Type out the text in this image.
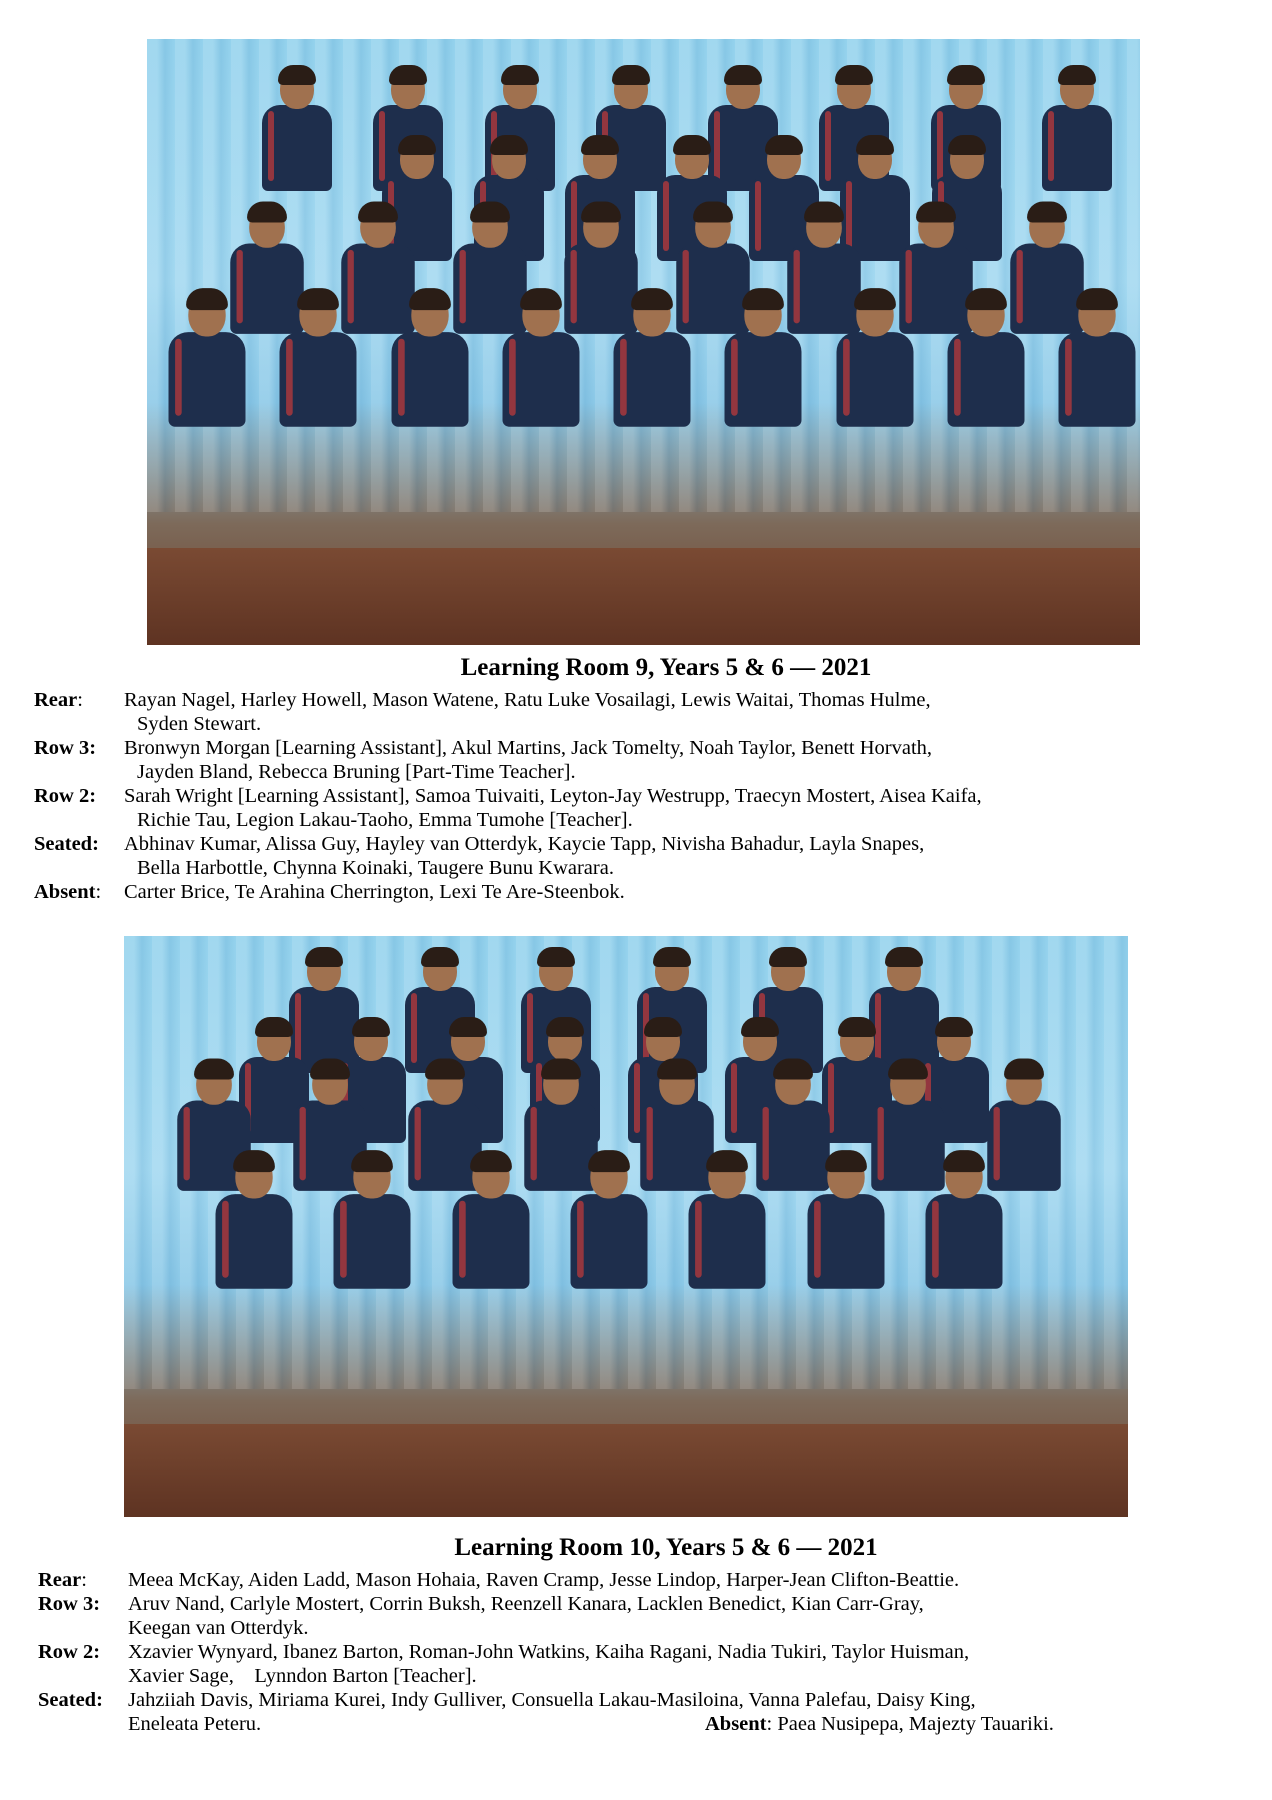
Learning Room 9, Years 5 & 6 — 2021
Rear: Rayan Nagel, Harley Howell, Mason Watene, Ratu Luke Vosailagi, Lewis Waitai, Thomas Hulme,
Syden Stewart.
Row 3: Bronwyn Morgan [Learning Assistant], Akul Martins, Jack Tomelty, Noah Taylor, Benett Horvath,
Jayden Bland, Rebecca Bruning [Part-Time Teacher].
Row 2: Sarah Wright [Learning Assistant], Samoa Tuivaiti, Leyton-Jay Westrupp, Traecyn Mostert, Aisea Kaifa,
Richie Tau, Legion Lakau-Taoho, Emma Tumohe [Teacher].
Seated: Abhinav Kumar, Alissa Guy, Hayley van Otterdyk, Kaycie Tapp, Nivisha Bahadur, Layla Snapes,
Bella Harbottle, Chynna Koinaki, Taugere Bunu Kwarara.
Absent: Carter Brice, Te Arahina Cherrington, Lexi Te Are-Steenbok.
Learning Room 10, Years 5 & 6 — 2021
Rear: Meea McKay, Aiden Ladd, Mason Hohaia, Raven Cramp, Jesse Lindop, Harper-Jean Clifton-Beattie.
Row 3: Aruv Nand, Carlyle Mostert, Corrin Buksh, Reenzell Kanara, Lacklen Benedict, Kian Carr-Gray,
Keegan van Otterdyk.
Row 2: Xzavier Wynyard, Ibanez Barton, Roman-John Watkins, Kaiha Ragani, Nadia Tukiri, Taylor Huisman,
Xavier Sage,    Lynndon Barton [Teacher].
Seated: Jahziiah Davis, Miriama Kurei, Indy Gulliver, Consuella Lakau-Masiloina, Vanna Palefau, Daisy King,
Eneleata Peteru.	Absent: Paea Nusipepa, Majezty Tauariki.
